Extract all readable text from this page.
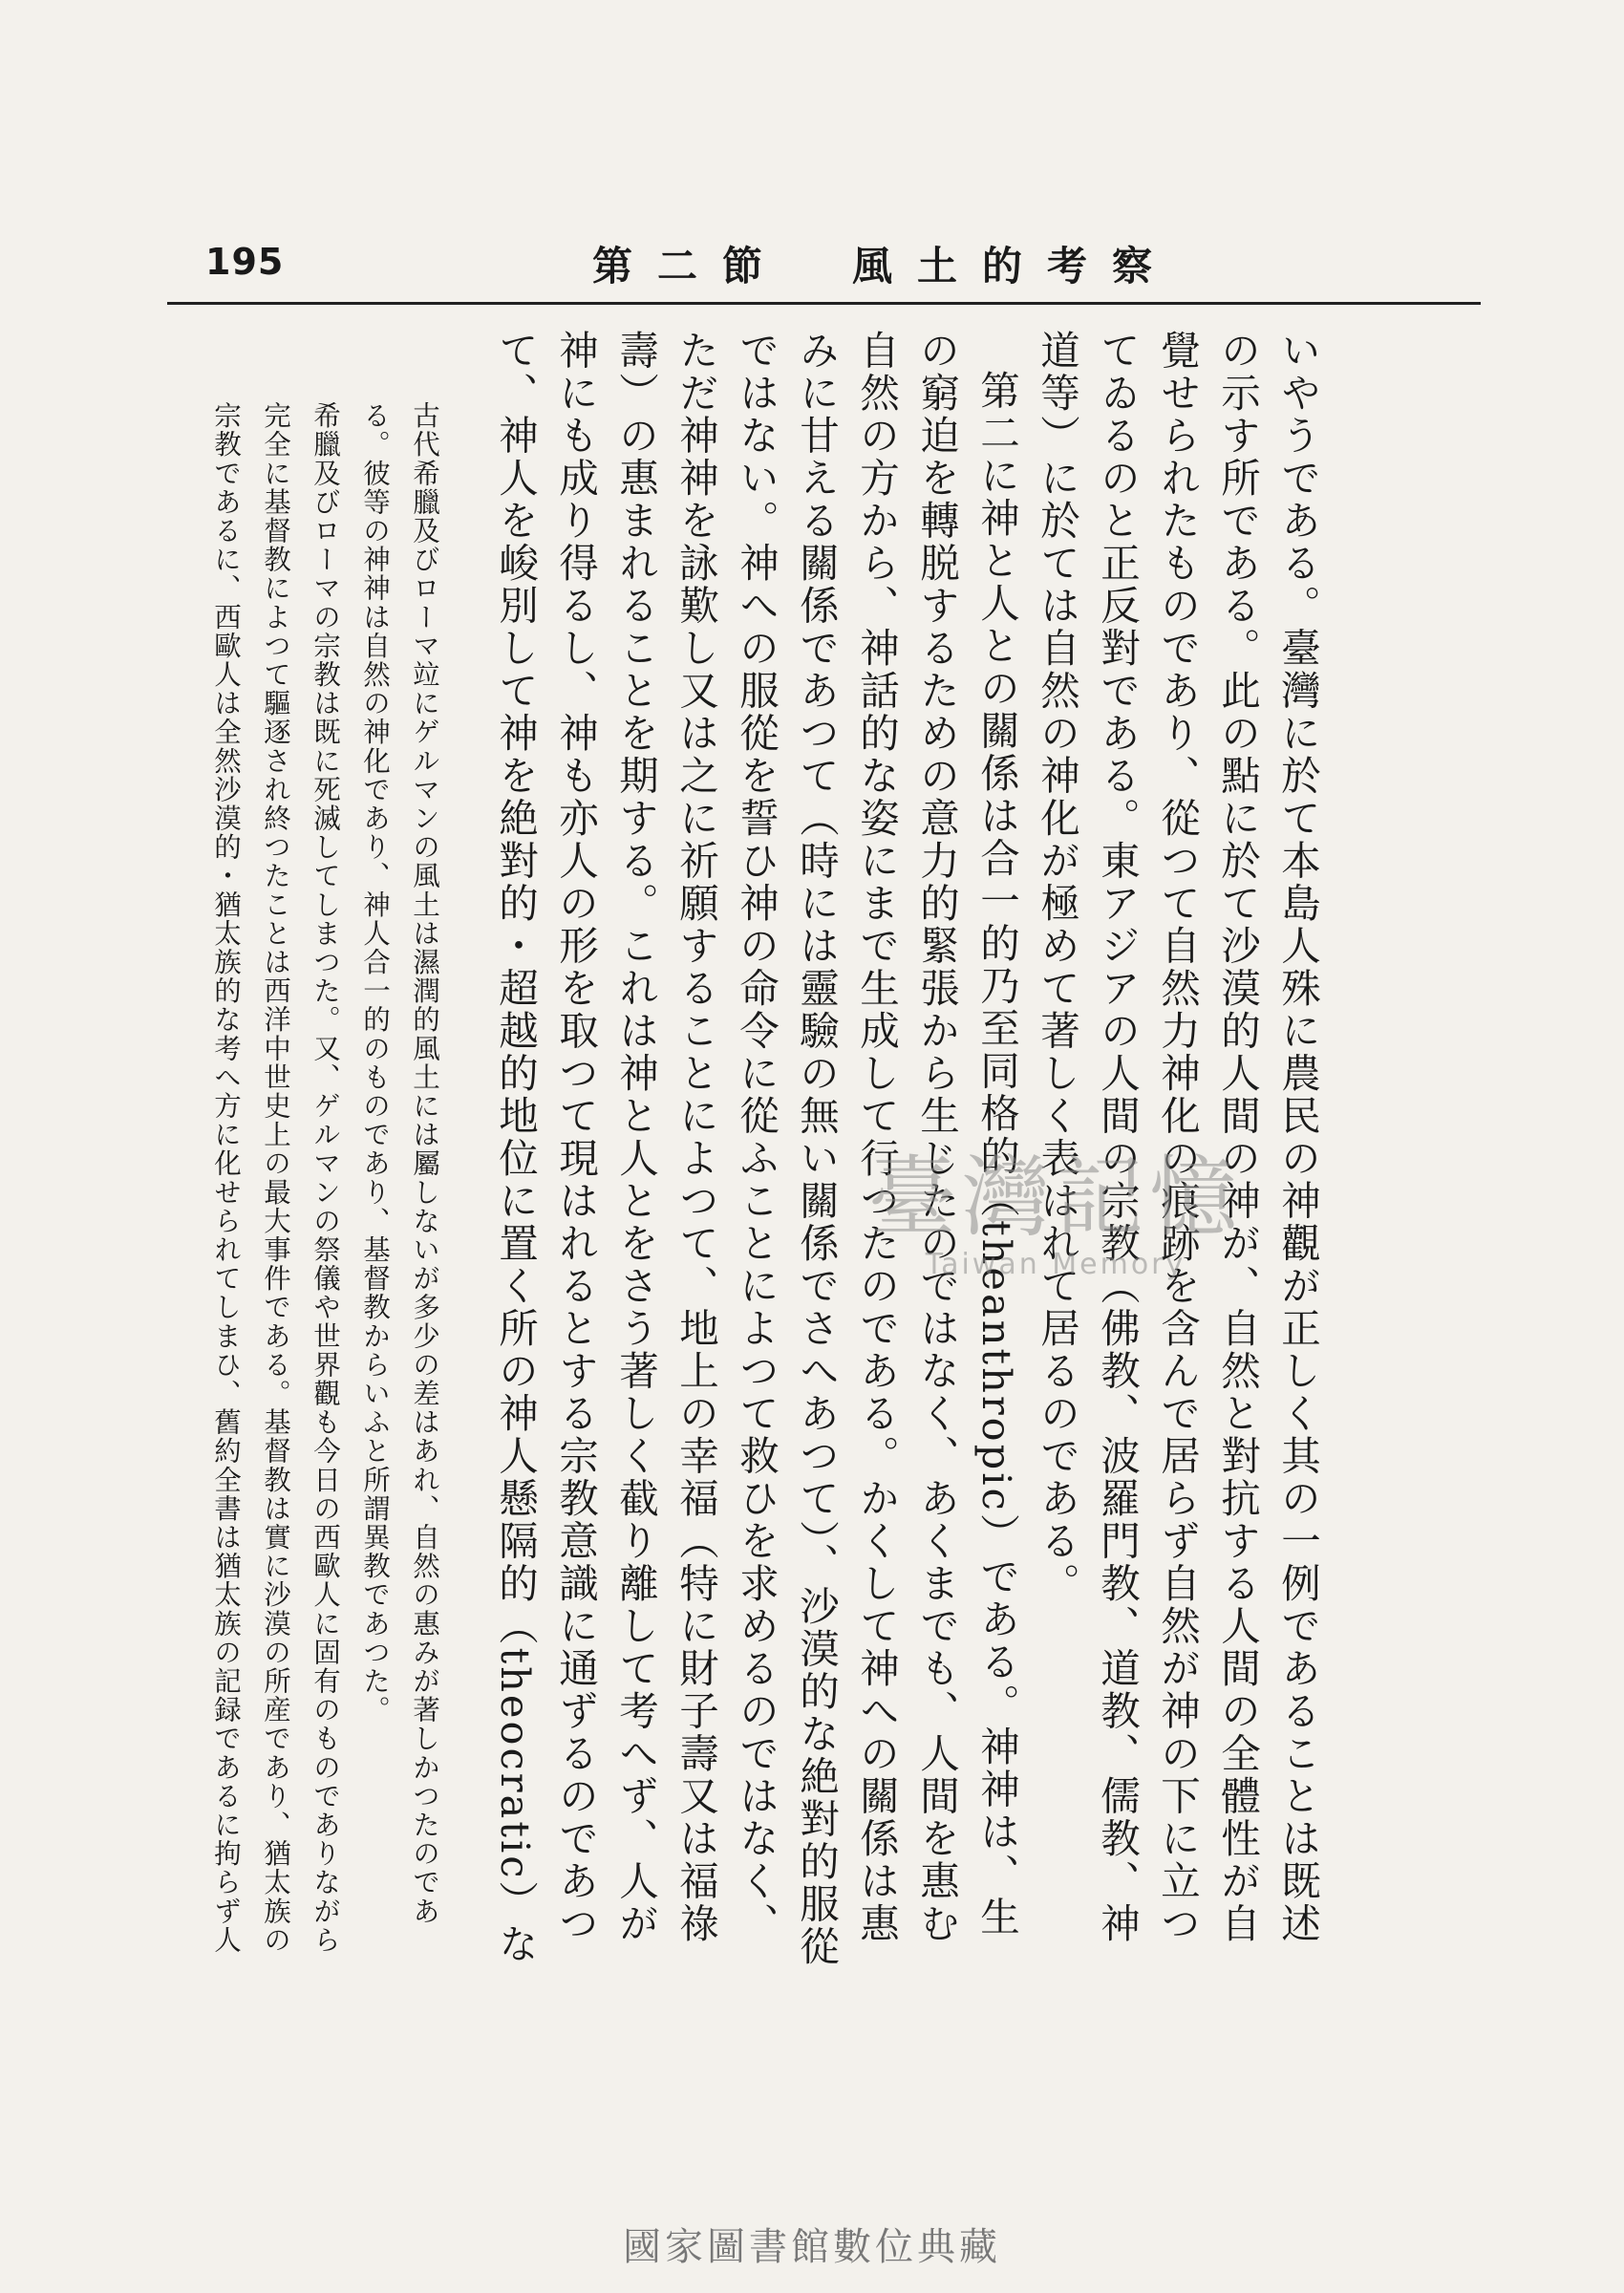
195	第二節　風土的考察

いやうである。臺灣に於て本島人殊に農民の神觀が正しく其の一例であることは既述の示す所である。此の點に於て沙漠的人間の神が、自然と對抗する人間の全體性が自覺せられたものであり、從つて自然力神化の痕跡を含んで居らず自然が神の下に立つてゐるのと正反對である。東アジアの人間の宗教（佛教、波羅門教、道教、儒教、神道等）に於ては自然の神化が極めて著しく表はれて居るのである。

第二に神と人との關係は合一的乃至同格的（theanthropic）である。神神は、生の窮迫を轉脱するための意力的緊張から生じたのではなく、あくまでも、人間を惠む自然の方から、神話的な姿にまで生成して行つたのである。かくして神への關係は惠みに甘える關係であつて（時には靈驗の無い關係でさへあつて）、沙漠的な絶對的服從ではない。神への服從を誓ひ神の命令に從ふことによつて救ひを求めるのではなく、ただ神神を詠歎し又は之に祈願することによつて、地上の幸福（特に財子壽又は福祿壽）の惠まれることを期する。これは神と人とをさう著しく截り離して考へず、人が神にも成り得るし、神も亦人の形を取つて現はれるとする宗教意識に通ずるのであつて、神人を峻別して神を絶對的・超越的地位に置く所の神人懸隔的（theocratic）な

古代希臘及びローマ竝にゲルマンの風土は濕潤的風土には屬しないが多少の差はあれ、自然の惠みが著しかつたのである。彼等の神神は自然の神化であり、神人合一的のものであり、基督教からいふと所謂異教であつた。

希臘及びローマの宗教は既に死滅してしまつた。又、ゲルマンの祭儀や世界觀も今日の西歐人に固有のものでありながら完全に基督教によつて驅逐され終つたことは西洋中世史上の最大事件である。基督教は實に沙漠の所産であり、猶太族の宗教であるに、西歐人は全然沙漠的・猶太族的な考へ方に化せられてしまひ、舊約全書は猶太族の記録であるに拘らず人

臺灣記憶
Taiwan Memory
國家圖書館數位典藏
